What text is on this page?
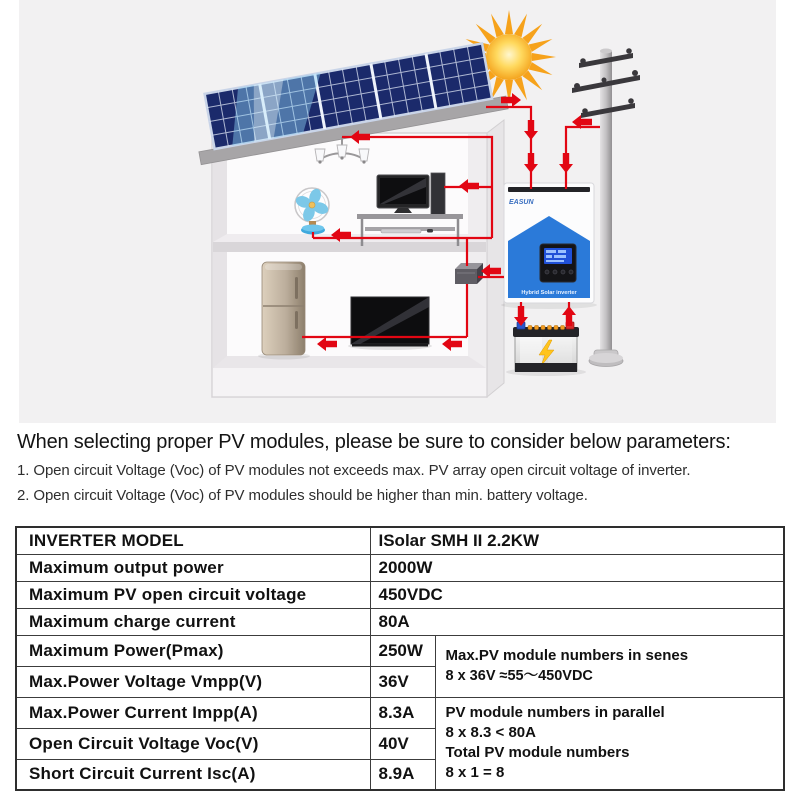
EASUN
Hybrid Solar inverter
When selecting proper PV modules, please be sure to consider below parameters:
1. Open circuit Voltage (Voc) of PV modules not exceeds max. PV array open circuit voltage of inverter.
2. Open circuit Voltage (Voc) of PV modules should be higher than min. battery voltage.
INVERTER MODEL	ISolar SMH II 2.2KW	
Maximum output power	2000W	
Maximum PV open circuit voltage	450VDC	
Maximum charge current	80A	
Maximum Power(Pmax)	250W	Max.PV module numbers in senes
8 x 36V ≈55～450VDC

Max.Power Voltage Vmpp(V)	36V	
Max.Power Current Impp(A)	8.3A	PV module numbers in parallel
8 x 8.3 < 80A
Total PV module numbers
8 x 1 = 8

Open Circuit Voltage Voc(V)	40V	
Short Circuit Current Isc(A)	8.9A	
